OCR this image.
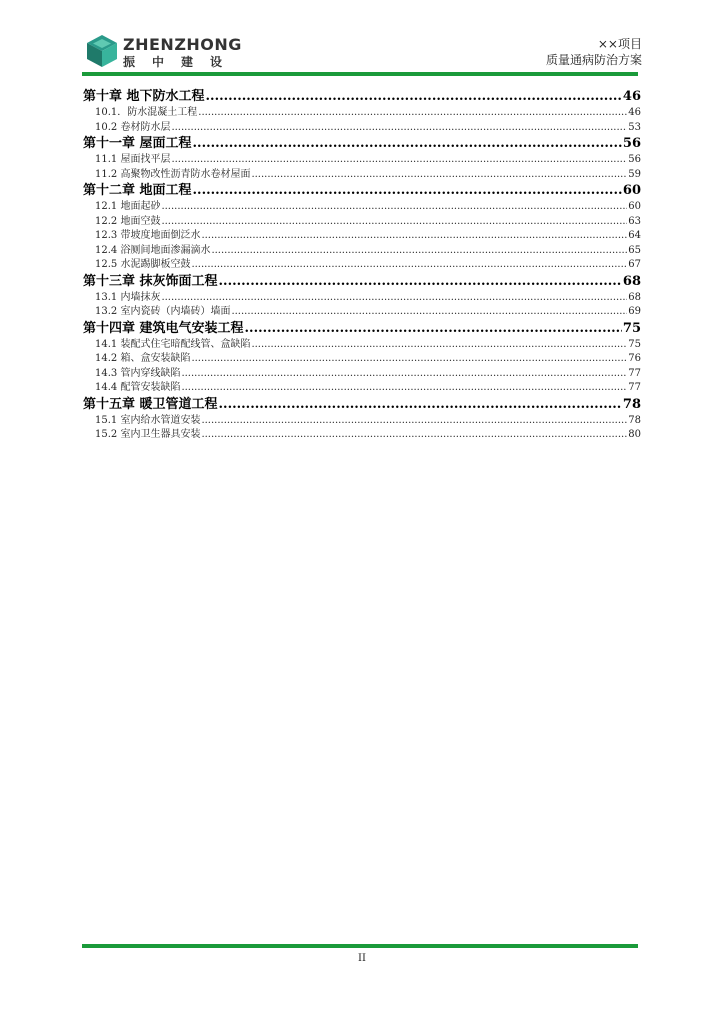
ZHENZHONG
振中建设
××项目
质量通病防治方案
第十章 地下防水工程 .....	46
10.1．防水混凝土工程 .....	46
10.2 卷材防水层 .....	53
第十一章 屋面工程 .....	56
11.1 屋面找平层 .....	56
11.2 高聚物改性沥青防水卷材屋面 .....	59
第十二章 地面工程 .....	60
12.1 地面起砂 .....	60
12.2 地面空鼓 .....	63
12.3 带坡度地面倒泛水 .....	64
12.4 浴厕间地面渗漏滴水 .....	65
12.5 水泥踢脚板空鼓 .....	67
第十三章 抹灰饰面工程 .....	68
13.1 内墙抹灰 .....	68
13.2 室内瓷砖（内墙砖）墙面 .....	69
第十四章 建筑电气安装工程 .....	75
14.1 装配式住宅暗配线管、盒缺陷 .....	75
14.2 箱、盒安装缺陷 .....	76
14.3 管内穿线缺陷 .....	77
14.4 配管安装缺陷 .....	77
第十五章 暖卫管道工程 .....	78
15.1 室内给水管道安装 .....	78
15.2 室内卫生器具安装 .....	80
II
